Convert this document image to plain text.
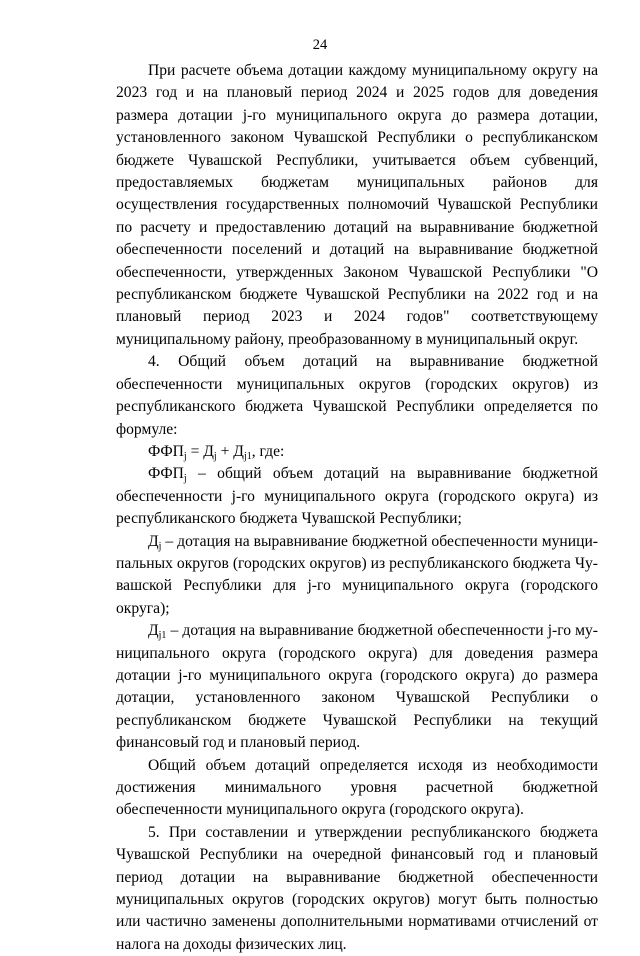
24

При расчете объема дотации каждому муниципальному округу на 2023 год и на плановый период 2024 и 2025 годов для доведения размера дотации j-го муниципального округа до размера дотации, установленного законом Чувашской Республики о республиканском бюджете Чувашской Республики, учитывается объем субвенций, предоставляемых бюджетам муниципальных районов для осуществления государственных полномочий Чувашской Республики по расчету и предоставлению дотаций на выравнивание бюджетной обеспеченности поселений и дотаций на выравнивание бюджетной обеспеченности, утвержденных Законом Чувашской Республики "О республиканском бюджете Чувашской Республики на 2022 год и на плановый период 2023 и 2024 годов" соответствующему муниципальному району, преобразованному в муниципальный округ.

4. Общий объем дотаций на выравнивание бюджетной обеспеченности муниципальных округов (городских округов) из республиканского бюджета Чувашской Республики определяется по формуле:

$ФФП_j = Д_j + Д_{j1}$, где:

$ФФП_j$ – общий объем дотаций на выравнивание бюджетной обеспеченности j-го муниципального округа (городского округа) из республиканского бюджета Чувашской Республики;

$Д_j$ – дотация на выравнивание бюджетной обеспеченности муниципальных округов (городских округов) из республиканского бюджета Чувашской Республики для j-го муниципального округа (городского округа);

$Д_{j1}$ – дотация на выравнивание бюджетной обеспеченности j-го муниципального округа (городского округа) для доведения размера дотации j-го муниципального округа (городского округа) до размера дотации, установленного законом Чувашской Республики о республиканском бюджете Чувашской Республики на текущий финансовый год и плановый период.

Общий объем дотаций определяется исходя из необходимости достижения минимального уровня расчетной бюджетной обеспеченности муниципального округа (городского округа).

5. При составлении и утверждении республиканского бюджета Чувашской Республики на очередной финансовый год и плановый период дотации на выравнивание бюджетной обеспеченности муниципальных округов (городских округов) могут быть полностью или частично заменены дополнительными нормативами отчислений от налога на доходы физических лиц.
